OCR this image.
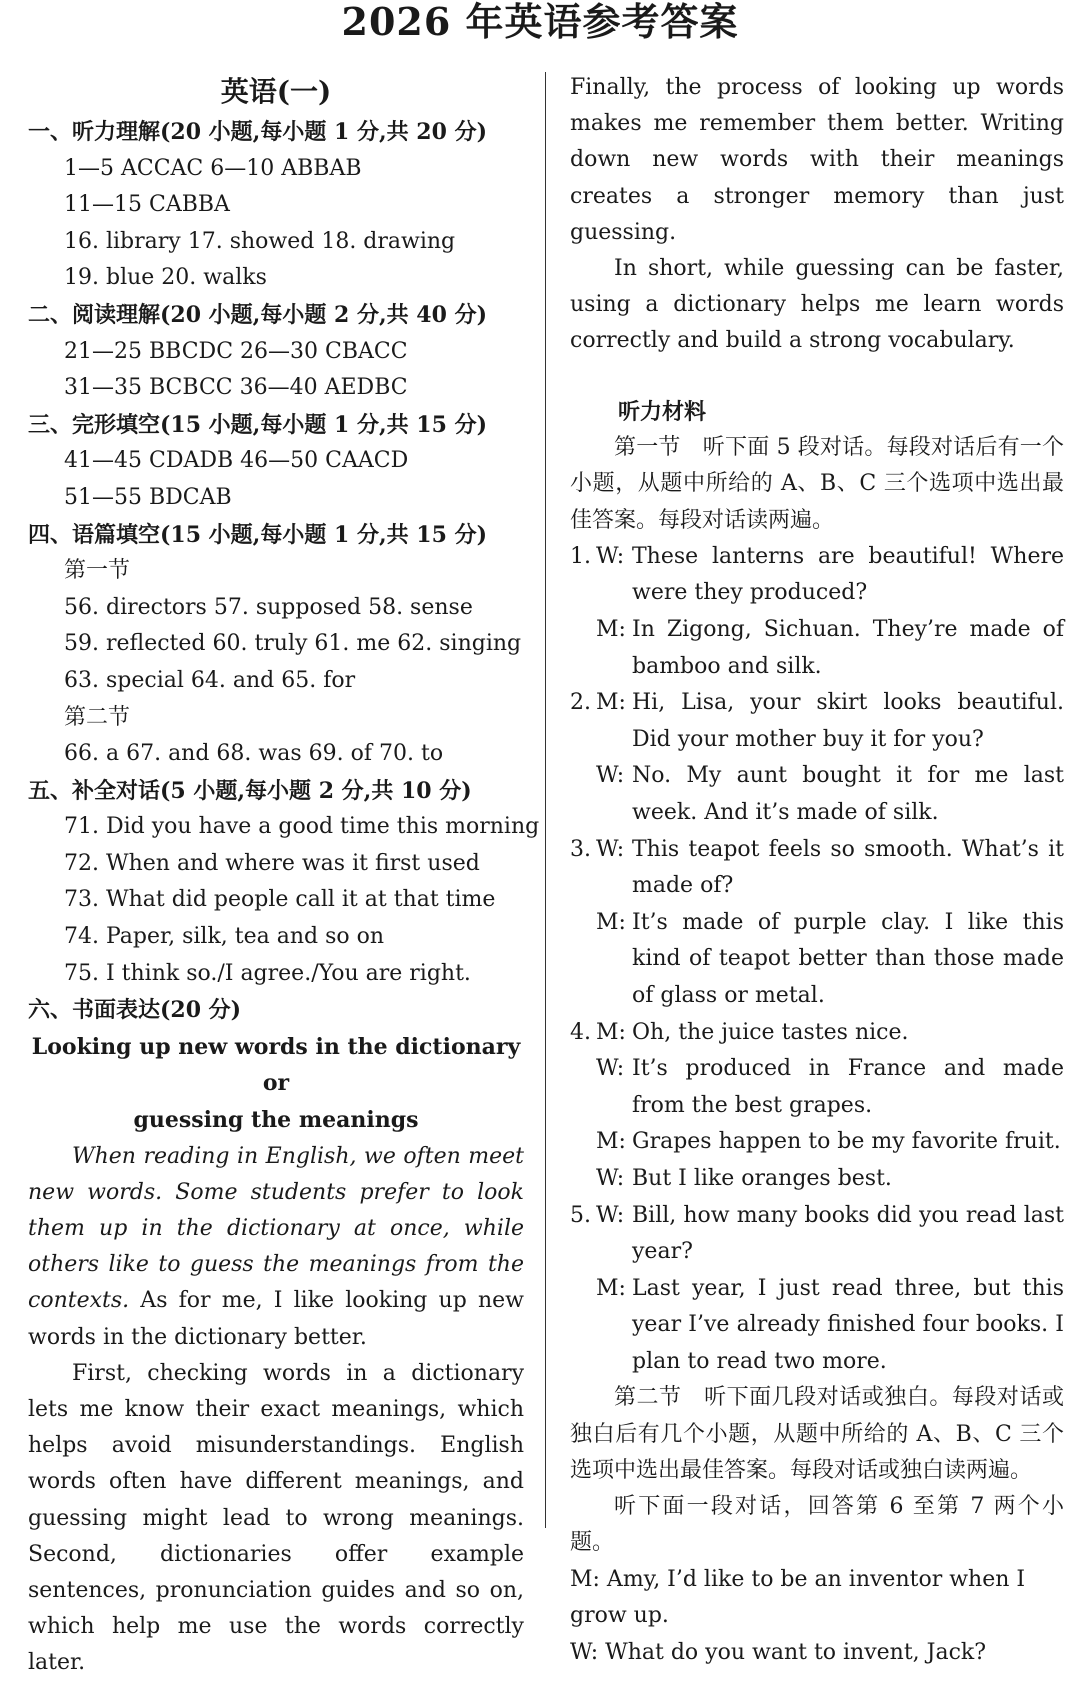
2026 年英语参考答案
英语(一)
一、听力理解(20 小题,每小题 1 分,共 20 分)
1—5 ACCAC 6—10 ABBAB
11—15 CABBA
16. library 17. showed 18. drawing
19. blue 20. walks
二、阅读理解(20 小题,每小题 2 分,共 40 分)
21—25 BBCDC 26—30 CBACC
31—35 BCBCC 36—40 AEDBC
三、完形填空(15 小题,每小题 1 分,共 15 分)
41—45 CDADB 46—50 CAACD
51—55 BDCAB
四、语篇填空(15 小题,每小题 1 分,共 15 分)
第一节
56. directors 57. supposed 58. sense
59. reflected 60. truly 61. me 62. singing
63. special 64. and 65. for
第二节
66. a 67. and 68. was 69. of 70. to
五、补全对话(5 小题,每小题 2 分,共 10 分)
71. Did you have a good time this morning
72. When and where was it first used
73. What did people call it at that time
74. Paper, silk, tea and so on
75. I think so./I agree./You are right.
六、书面表达(20 分)
Looking up new words in the dictionary or
guessing the meanings
When reading in English, we often meet new words. Some students prefer to look them up in the dictionary at once, while others like to guess the meanings from the contexts. As for me, I like looking up new words in the dictionary better.
First, checking words in a dictionary lets me know their exact meanings, which helps avoid misunderstandings. English words often have different meanings, and guessing might lead to wrong meanings. Second, dictionaries offer example sentences, pronunciation guides and so on, which help me use the words correctly later.
Finally, the process of looking up words makes me remember them better. Writing down new words with their meanings creates a stronger memory than just guessing.
In short, while guessing can be faster, using a dictionary helps me learn words correctly and build a strong vocabulary.
听力材料
第一节　听下面 5 段对话。每段对话后有一个小题，从题中所给的 A、B、C 三个选项中选出最佳答案。每段对话读两遍。
1. W: These lanterns are beautiful! Where were they produced?
M: In Zigong, Sichuan. They’re made of bamboo and silk.
2. M: Hi, Lisa, your skirt looks beautiful. Did your mother buy it for you?
W: No. My aunt bought it for me last week. And it’s made of silk.
3. W: This teapot feels so smooth. What’s it made of?
M: It’s made of purple clay. I like this kind of teapot better than those made of glass or metal.
4. M: Oh, the juice tastes nice.
W: It’s produced in France and made from the best grapes.
M: Grapes happen to be my favorite fruit.
W: But I like oranges best.
5. W: Bill, how many books did you read last year?
M: Last year, I just read three, but this year I’ve already finished four books. I plan to read two more.
第二节　听下面几段对话或独白。每段对话或独白后有几个小题，从题中所给的 A、B、C 三个选项中选出最佳答案。每段对话或独白读两遍。
听下面一段对话，回答第 6 至第 7 两个小题。
M: Amy, I’d like to be an inventor when I grow up.
W: What do you want to invent, Jack?
